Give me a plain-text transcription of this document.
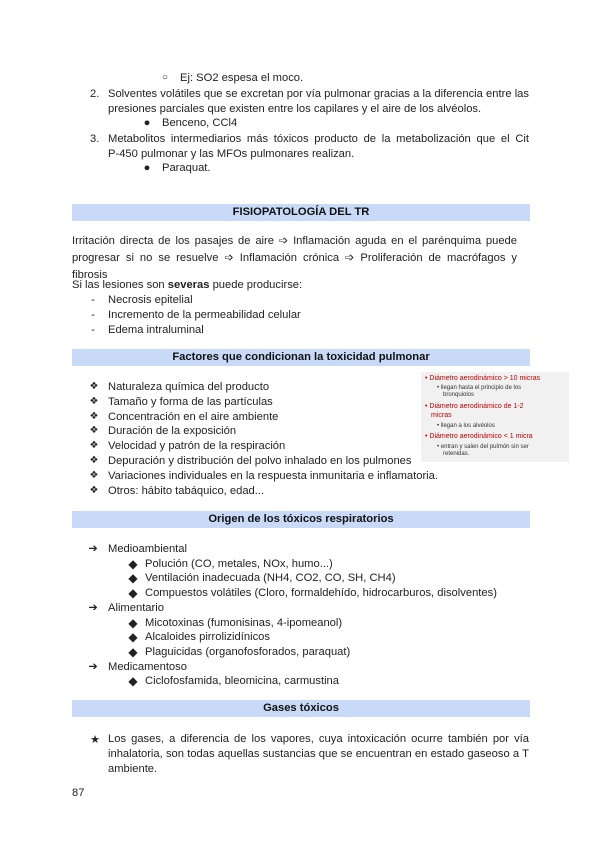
○	Ej: SO2 espesa el moco.
2. Solventes volátiles que se excretan por vía pulmonar gracias a la diferencia entre las
presiones parciales que existen entre los capilares y el aire de los alvéolos.
●	Benceno, CCl4
3. Metabolitos intermediarios más tóxicos producto de la metabolización que el Cit
P-450 pulmonar y las MFOs pulmonares realizan.
●	Paraquat.
FISIOPATOLOGÍA DEL TR
Irritación directa de los pasajes de aire ➩ Inflamación aguda en el parénquima puede
progresar si no se resuelve ➩ Inflamación crónica ➩ Proliferación de macrófagos y fibrosis
Si las lesiones son severas puede producirse:
-	Necrosis epitelial
-	Incremento de la permeabilidad celular
-	Edema intraluminal
Factores que condicionan la toxicidad pulmonar
❖ Naturaleza química del producto
❖ Tamaño y forma de las partículas
❖ Concentración en el aire ambiente
❖ Duración de la exposición
❖ Velocidad y patrón de la respiración
❖ Depuración y distribución del polvo inhalado en los pulmones
❖ Variaciones individuales en la respuesta inmunitaria e inflamatoria.
❖ Otros: hábito tabáquico, edad...
• Diámetro aerodinámico > 10 micras
• llegan hasta el principio de los
bronquiolos
• Diámetro aerodinámico de 1-2
micras
• llegan a los alvéolos
• Diámetro aerodinámico < 1 micra
• entran y salen del pulmón sin ser
retenidas.
Origen de los tóxicos respiratorios
➔ Medioambiental
◆ Polución (CO, metales, NOx, humo...)
◆ Ventilación inadecuada (NH4, CO2, CO, SH, CH4)
◆ Compuestos volátiles (Cloro, formaldehído, hidrocarburos, disolventes)
➔ Alimentario
◆ Micotoxinas (fumonisinas, 4-ipomeanol)
◆ Alcaloides pirrolizidínicos
◆ Plaguicidas (organofosforados, paraquat)
➔ Medicamentoso
◆ Ciclofosfamida, bleomicina, carmustina
Gases tóxicos
★ Los gases, a diferencia de los vapores, cuya intoxicación ocurre también por vía
inhalatoria, son todas aquellas sustancias que se encuentran en estado gaseoso a T
ambiente.
87
